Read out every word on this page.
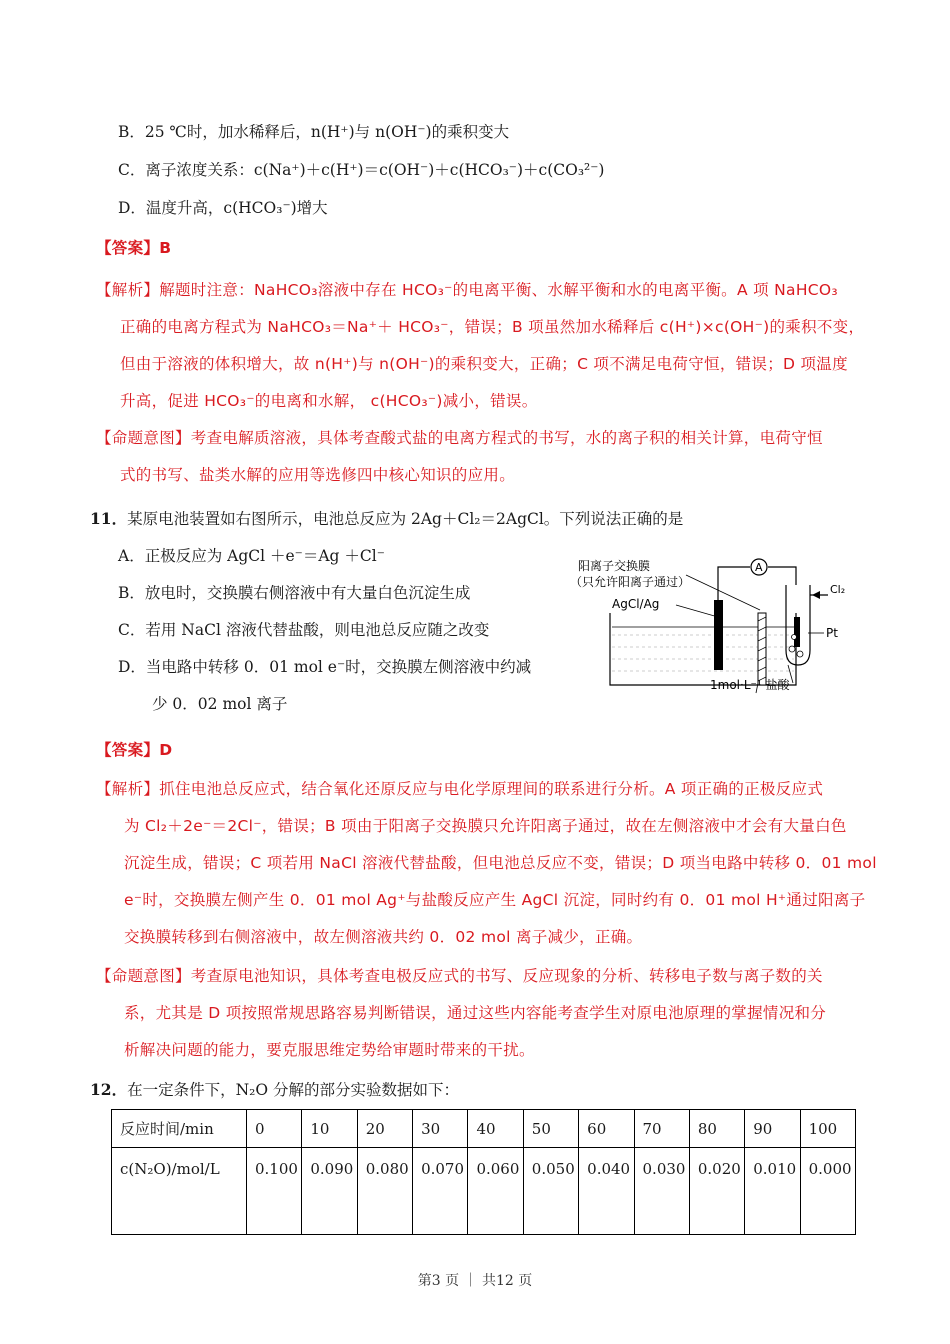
B．25 ℃时，加水稀释后，n(H⁺)与 n(OH⁻)的乘积变大
C．离子浓度关系：c(Na⁺)＋c(H⁺)＝c(OH⁻)＋c(HCO₃⁻)＋c(CO₃²⁻)
D．温度升高，c(HCO₃⁻)增大
【答案】B
【解析】解题时注意：NaHCO₃溶液中存在 HCO₃⁻的电离平衡、水解平衡和水的电离平衡。A 项 NaHCO₃
正确的电离方程式为 NaHCO₃＝Na⁺＋ HCO₃⁻，错误；B 项虽然加水稀释后 c(H⁺)×c(OH⁻)的乘积不变，
但由于溶液的体积增大，故 n(H⁺)与 n(OH⁻)的乘积变大，正确；C 项不满足电荷守恒，错误；D 项温度
升高，促进 HCO₃⁻的电离和水解， c(HCO₃⁻)减小，错误。
【命题意图】考查电解质溶液，具体考查酸式盐的电离方程式的书写，水的离子积的相关计算，电荷守恒
式的书写、盐类水解的应用等选修四中核心知识的应用。
11．某原电池装置如右图所示，电池总反应为 2Ag＋Cl₂＝2AgCl。下列说法正确的是
A．正极反应为 AgCl ＋e⁻＝Ag ＋Cl⁻
B．放电时，交换膜右侧溶液中有大量白色沉淀生成
C．若用 NaCl 溶液代替盐酸，则电池总反应随之改变
D．当电路中转移 0．01 mol e⁻时，交换膜左侧溶液中约减
少 0．02 mol 离子
阳离子交换膜
（只允许阳离子通过）
AgCl/Ag
A
Cl₂
Pt
1mol·L⁻¹ 盐酸
【答案】D
【解析】抓住电池总反应式，结合氧化还原反应与电化学原理间的联系进行分析。A 项正确的正极反应式
为 Cl₂＋2e⁻＝2Cl⁻，错误；B 项由于阳离子交换膜只允许阳离子通过，故在左侧溶液中才会有大量白色
沉淀生成，错误；C 项若用 NaCl 溶液代替盐酸，但电池总反应不变，错误；D 项当电路中转移 0．01 mol
e⁻时，交换膜左侧产生 0．01 mol Ag⁺与盐酸反应产生 AgCl 沉淀，同时约有 0．01 mol H⁺通过阳离子
交换膜转移到右侧溶液中，故左侧溶液共约 0．02 mol 离子减少，正确。
【命题意图】考查原电池知识，具体考查电极反应式的书写、反应现象的分析、转移电子数与离子数的关
系，尤其是 D 项按照常规思路容易判断错误，通过这些内容能考查学生对原电池原理的掌握情况和分
析解决问题的能力，要克服思维定势给审题时带来的干扰。
12．在一定条件下，N₂O 分解的部分实验数据如下：
反应时间/min	0	10	20	30	40	50	60	70	80	90	100
c(N₂O)/mol/L	0.100	0.090	0.080	0.070	0.060	0.050	0.040	0.030	0.020	0.010	0.000
第3 页 ｜ 共12 页
